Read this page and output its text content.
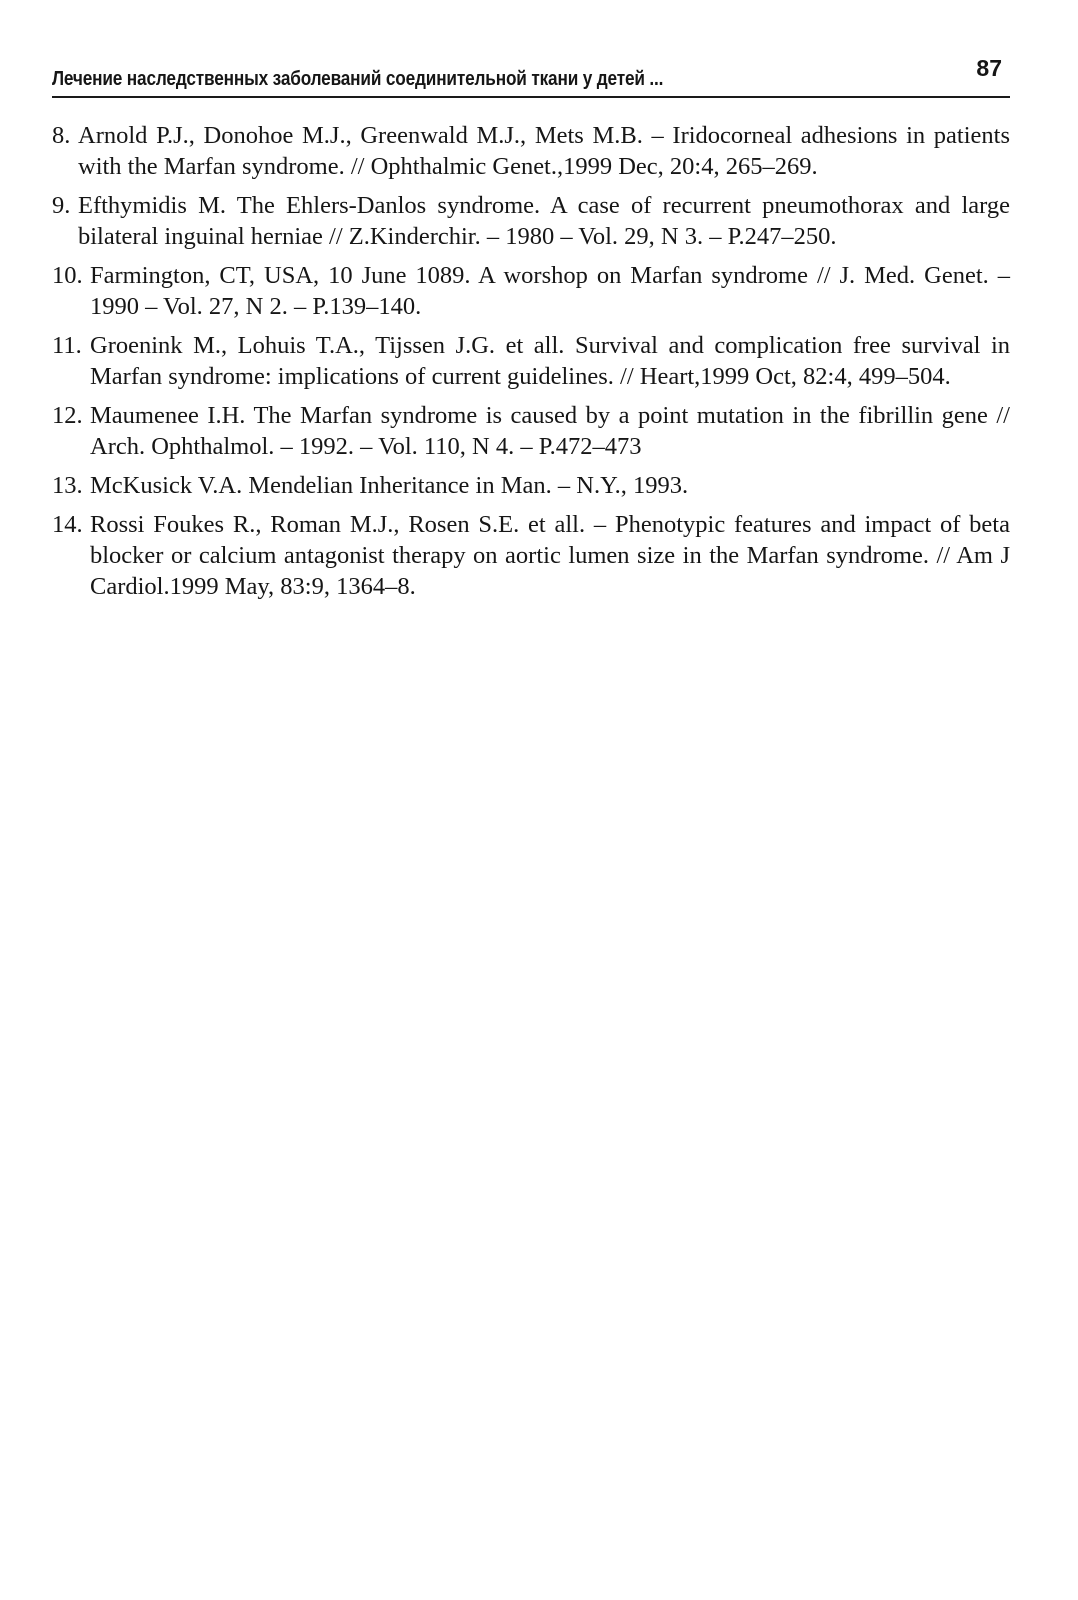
Лечение наследственных заболеваний соединительной ткани у детей ...	87
8. Arnold P.J., Donohoe M.J., Greenwald M.J., Mets M.B. – Iridocorneal adhesions in patients with the Marfan syndrome. // Ophthalmic Genet.,1999 Dec, 20:4, 265–269.
9. Efthymidis M. The Ehlers-Danlos syndrome. A case of recurrent pneumothorax and large bilateral inguinal herniae // Z.Kinderchir. – 1980 – Vol. 29, N 3. – P.247–250.
10. Farmington, CT, USA, 10 June 1089. A worshop on Marfan syndrome // J. Med. Genet. – 1990 – Vol. 27, N 2. – P.139–140.
11. Groenink M., Lohuis T.A., Tijssen J.G. et all. Survival and complication free survival in Marfan syndrome: implications of current guidelines. // Heart,1999 Oct, 82:4, 499–504.
12. Maumenee I.H. The Marfan syndrome is caused by a point mutation in the fibrillin gene // Arch. Ophthalmol. – 1992. – Vol. 110, N 4. – P.472–473
13. McKusick V.A. Mendelian Inheritance in Man. – N.Y., 1993.
14. Rossi Foukes R., Roman M.J., Rosen S.E. et all. – Phenotypic features and impact of beta blocker or calcium antagonist therapy on aortic lumen size in the Marfan syndrome. // Am J Cardiol.1999 May, 83:9, 1364–8.
